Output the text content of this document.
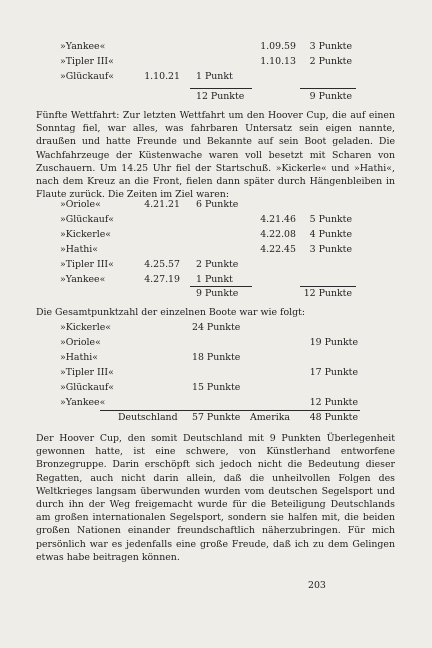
»Yankee«	1.09.59	3 Punkte
»Tipler III«	1.10.13	2 Punkte
»Glückauf«	1.10.21 1 Punkt
12 Punkte	9 Punkte
Fünfte Wettfahrt: Zur letzten Wettfahrt um den Hoover Cup, die auf einen Sonntag fiel, war alles, was fahrbaren Untersatz sein eigen nannte, draußen und hatte Freunde und Bekannte auf sein Boot geladen. Die Wachfahrzeuge der Küstenwache waren voll besetzt mit Scharen von Zuschauern. Um 14.25 Uhr fiel der Startschuß. »Kickerle« und »Hathi«, nach dem Kreuz an die Front, fielen dann später durch Hängenbleiben in Flaute zurück. Die Zeiten im Ziel waren:
»Oriole«	4.21.21 6 Punkte
»Glückauf«	4.21.46	5 Punkte
»Kickerle«	4.22.08	4 Punkte
»Hathi«	4.22.45	3 Punkte
»Tipler III«	4.25.57 2 Punkte
»Yankee«	4.27.19 1 Punkt
9 Punkte	12 Punkte
Die Gesamtpunktzahl der einzelnen Boote war wie folgt:
»Kickerle«	24 Punkte
»Oriole«	19 Punkte
»Hathi«	18 Punkte
»Tipler III«	17 Punkte
»Glückauf«	15 Punkte
»Yankee«	12 Punkte
Deutschland 57 Punkte Amerika	48 Punkte
Der Hoover Cup, den somit Deutschland mit 9 Punkten Überlegenheit gewonnen hatte, ist eine schwere, von Künstlerhand entworfene Bronzegruppe. Darin erschöpft sich jedoch nicht die Bedeutung dieser Regatten, auch nicht darin allein, daß die unheilvollen Folgen des Weltkrieges langsam überwunden wurden vom deutschen Segelsport und durch ihn der Weg freigemacht wurde für die Beteiligung Deutschlands am großen internationalen Segelsport, sondern sie halfen mit, die beiden großen Nationen einander freundschaftlich näherzubringen. Für mich persönlich war es jedenfalls eine große Freude, daß ich zu dem Gelingen etwas habe beitragen können.
203
